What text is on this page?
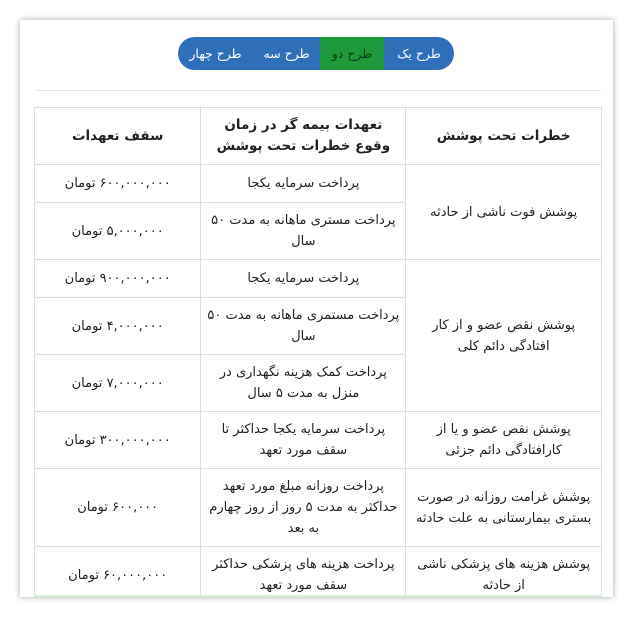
طرح یک
طرح دو
طرح سه
طرح چهار
خطرات تحت پوشش	تعهدات بیمه گر در زمان وقوع خطرات تحت پوشش	سقف تعهدات
پوشش فوت ناشی از حادثه	پرداخت سرمایه یکجا	۶۰۰,۰۰۰,۰۰۰ تومان
	پرداخت مستری ماهانه به مدت ۵۰ سال	۵,۰۰۰,۰۰۰ تومان
پوشش نقص عضو و از کار افتادگی دائم کلی	پرداخت سرمایه یکجا	۹۰۰,۰۰۰,۰۰۰ تومان
	پرداخت مستمری ماهانه به مدت ۵۰ سال	۴,۰۰۰,۰۰۰ تومان
	پرداخت کمک هزینه نگهداری در منزل به مدت ۵ سال	۷,۰۰۰,۰۰۰ تومان
پوشش نقص عضو و یا از کارافتادگی دائم جزئی	پرداخت سرمایه یکجا حداکثر تا سقف مورد تعهد	۳۰۰,۰۰۰,۰۰۰ تومان
پوشش غرامت روزانه در صورت بستری بیمارستانی به علت حادثه	پرداخت روزانه مبلغ مورد تعهد حداکثر به مدت ۵ روز از روز چهارم به بعد	۶۰۰,۰۰۰ تومان
پوشش هزینه های پزشکی ناشی از حادثه	پرداخت هزینه های پزشکی حداکثر سقف مورد تعهد	۶۰,۰۰۰,۰۰۰ تومان
